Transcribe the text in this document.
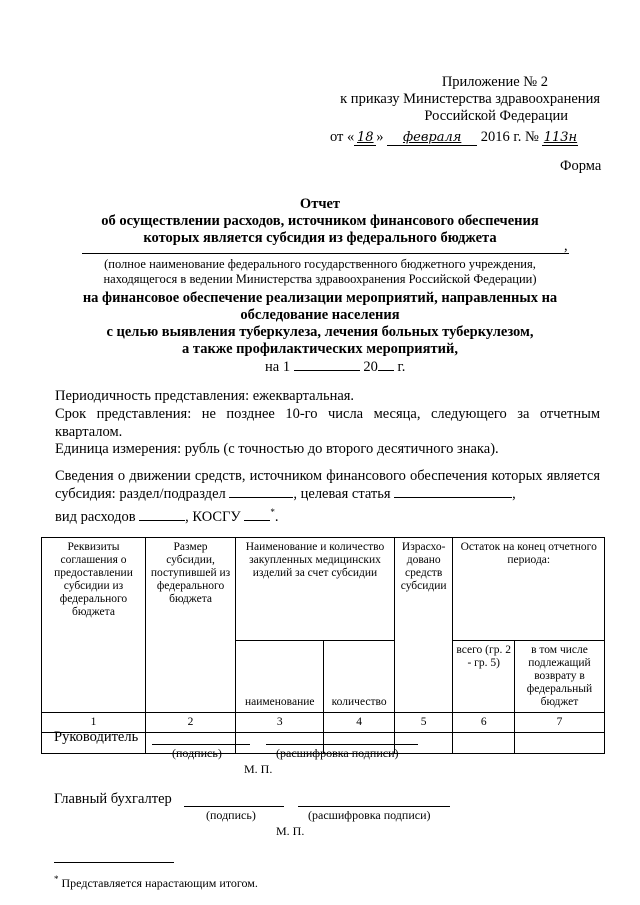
Приложение № 2
к приказу Министерства здравоохранения
Российской Федерации
от « 18 » февраля 2016 г. № 113н
Форма
Отчет
об осуществлении расходов, источником финансового обеспечения
которых является субсидия из федерального бюджета	,
(полное наименование федерального государственного бюджетного учреждения,
находящегося в ведении Министерства здравоохранения Российской Федерации)
на финансовое обеспечение реализации мероприятий, направленных на
обследование населения
с целью выявления туберкулеза, лечения больных туберкулезом,
а также профилактических мероприятий,
на 1	20 г.
Периодичность представления: ежеквартальная.
Срок представления: не позднее 10-го числа месяца, следующего за отчетным кварталом.
Единица измерения: рубль (с точностью до второго десятичного знака).
Сведения о движении средств, источником финансового обеспечения которых является субсидия: раздел/подраздел	, целевая статья	,
вид расходов	, КОСГУ	*.
Реквизиты соглашения о предоставлении субсидии из федерального бюджета	Размер субсидии, поступившей из федерального бюджета	Наименование и количество закупленных медицинских изделий за счет субсидии		Израсхо-довано средств субсидии	Остаток на конец отчетного периода:	
		наименование	количество		всего (гр. 2 - гр. 5)	в том числе подлежащий возврату в федеральный бюджет
1	2	3	4	5	6	7

Руководитель
(подпись)	(расшифровка подписи)
М. П.
Главный бухгалтер
(подпись)	(расшифровка подписи)
М. П.
* Представляется нарастающим итогом.
